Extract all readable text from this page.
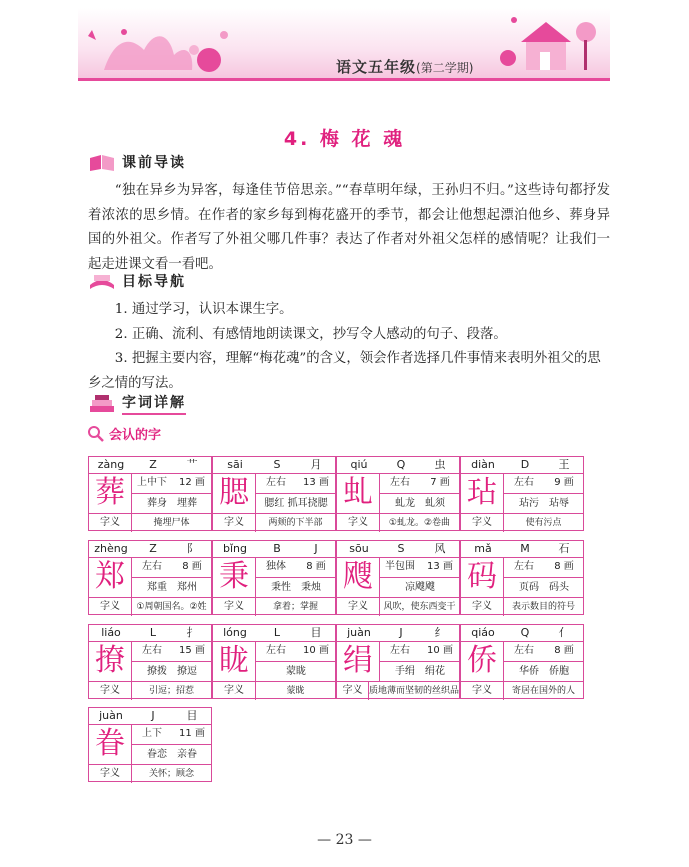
语文五年级(第二学期)
4. 梅 花 魂
课前导读

“独在异乡为异客，每逢佳节倍思亲。”“春草明年绿，王孙归不归。”这些诗句都抒发着浓浓的思乡情。在作者的家乡每到梅花盛开的季节，都会让他想起漂泊他乡、葬身异国的外祖父。作者写了外祖父哪几件事？表达了作者对外祖父怎样的感情呢？让我们一起走进课文看一看吧。

目标导航

1. 通过学习，认识本课生字。

2. 正确、流利、有感情地朗读课文，抄写令人感动的句子、段落。

3. 把握主要内容，理解“梅花魂”的含义，领会作者选择几件事情来表明外祖父的思乡之情的写法。

字词详解
会认的字
zàng	Z	艹
葬	上中下	12 画
葬身　埋葬
字义	掩埋尸体
sāi	S	月
腮	左右	13 画
腮红 抓耳挠腮
字义	两颊的下半部
qiú	Q	虫
虬	左右	7 画
虬龙　虬须
字义	①虬龙。②卷曲
diàn	D	王
玷	左右	9 画
玷污　玷辱
字义	使有污点
zhèng	Z	阝
郑	左右	8 画
郑重　郑州
字义	①周朝国名。②姓
bǐng	B	J
秉	独体	8 画
秉性　秉烛
字义	拿着；掌握
sōu	S	风
飕	半包围	13 画
凉飕飕
字义	风吹，使东西变干
mǎ	M	石
码	左右	8 画
页码　码头
字义	表示数目的符号
liáo	L	扌
撩	左右	15 画
撩拨　撩逗
字义	引逗；招惹
lóng	L	目
眬	左右	10 画
蒙眬
字义	蒙眬
juàn	J	纟
绢	左右	10 画
手绢　绢花
字义 质地薄而坚韧的丝织品
qiáo	Q	亻
侨	左右	8 画
华侨　侨胞
字义	寄居在国外的人
juàn	J	目
眷	上下	11 画
眷恋　亲眷
字义	关怀；顾念
— 23 —
